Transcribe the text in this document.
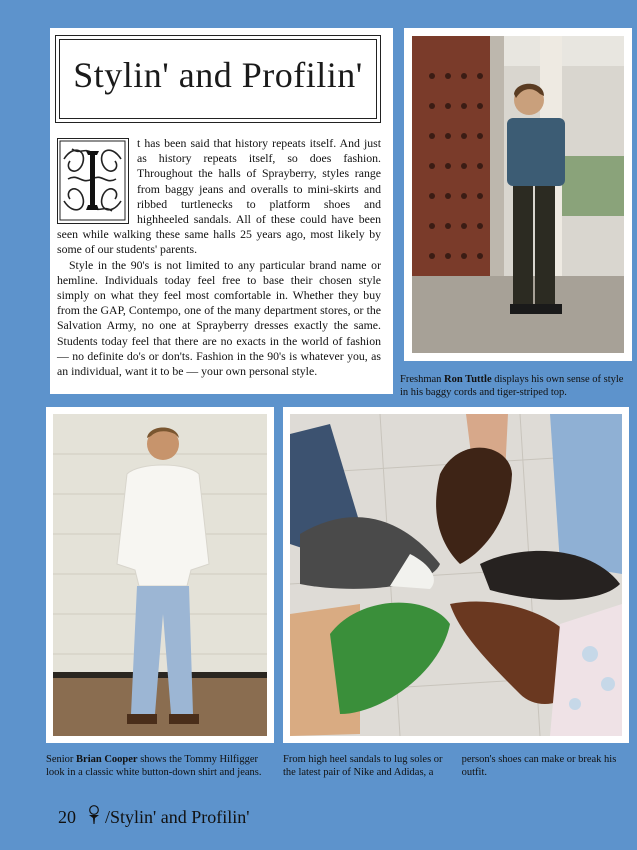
Stylin' and Profilin'

t has been said that history repeats itself. And just as history repeats itself, so does fashion. Throughout the halls of Sprayberry, styles range from baggy jeans and overalls to mini-skirts and ribbed turtlenecks to platform shoes and highheeled sandals. All of these could have been seen while walking these same halls 25 years ago, most likely by some of our students' parents.

Style in the 90's is not limited to any particular brand name or hemline. Individuals today feel free to base their chosen style simply on what they feel most comfortable in. Whether they buy from the GAP, Contempo, one of the many department stores, or the Salvation Army, no one at Sprayberry dresses exactly the same. Students today feel that there are no exacts in the world of fashion — no definite do's or don'ts. Fashion in the 90's is whatever you, as an individual, want it to be — your own personal style.

Freshman Ron Tuttle displays his own sense of style in his baggy cords and tiger-striped top.
Senior Brian Cooper shows the Tommy Hilfigger look in a classic white button-down shirt and jeans.
From high heel sandals to lug soles or the latest pair of Nike and Adidas, a person's shoes can make or break his outfit.
20 /Stylin' and Profilin'
